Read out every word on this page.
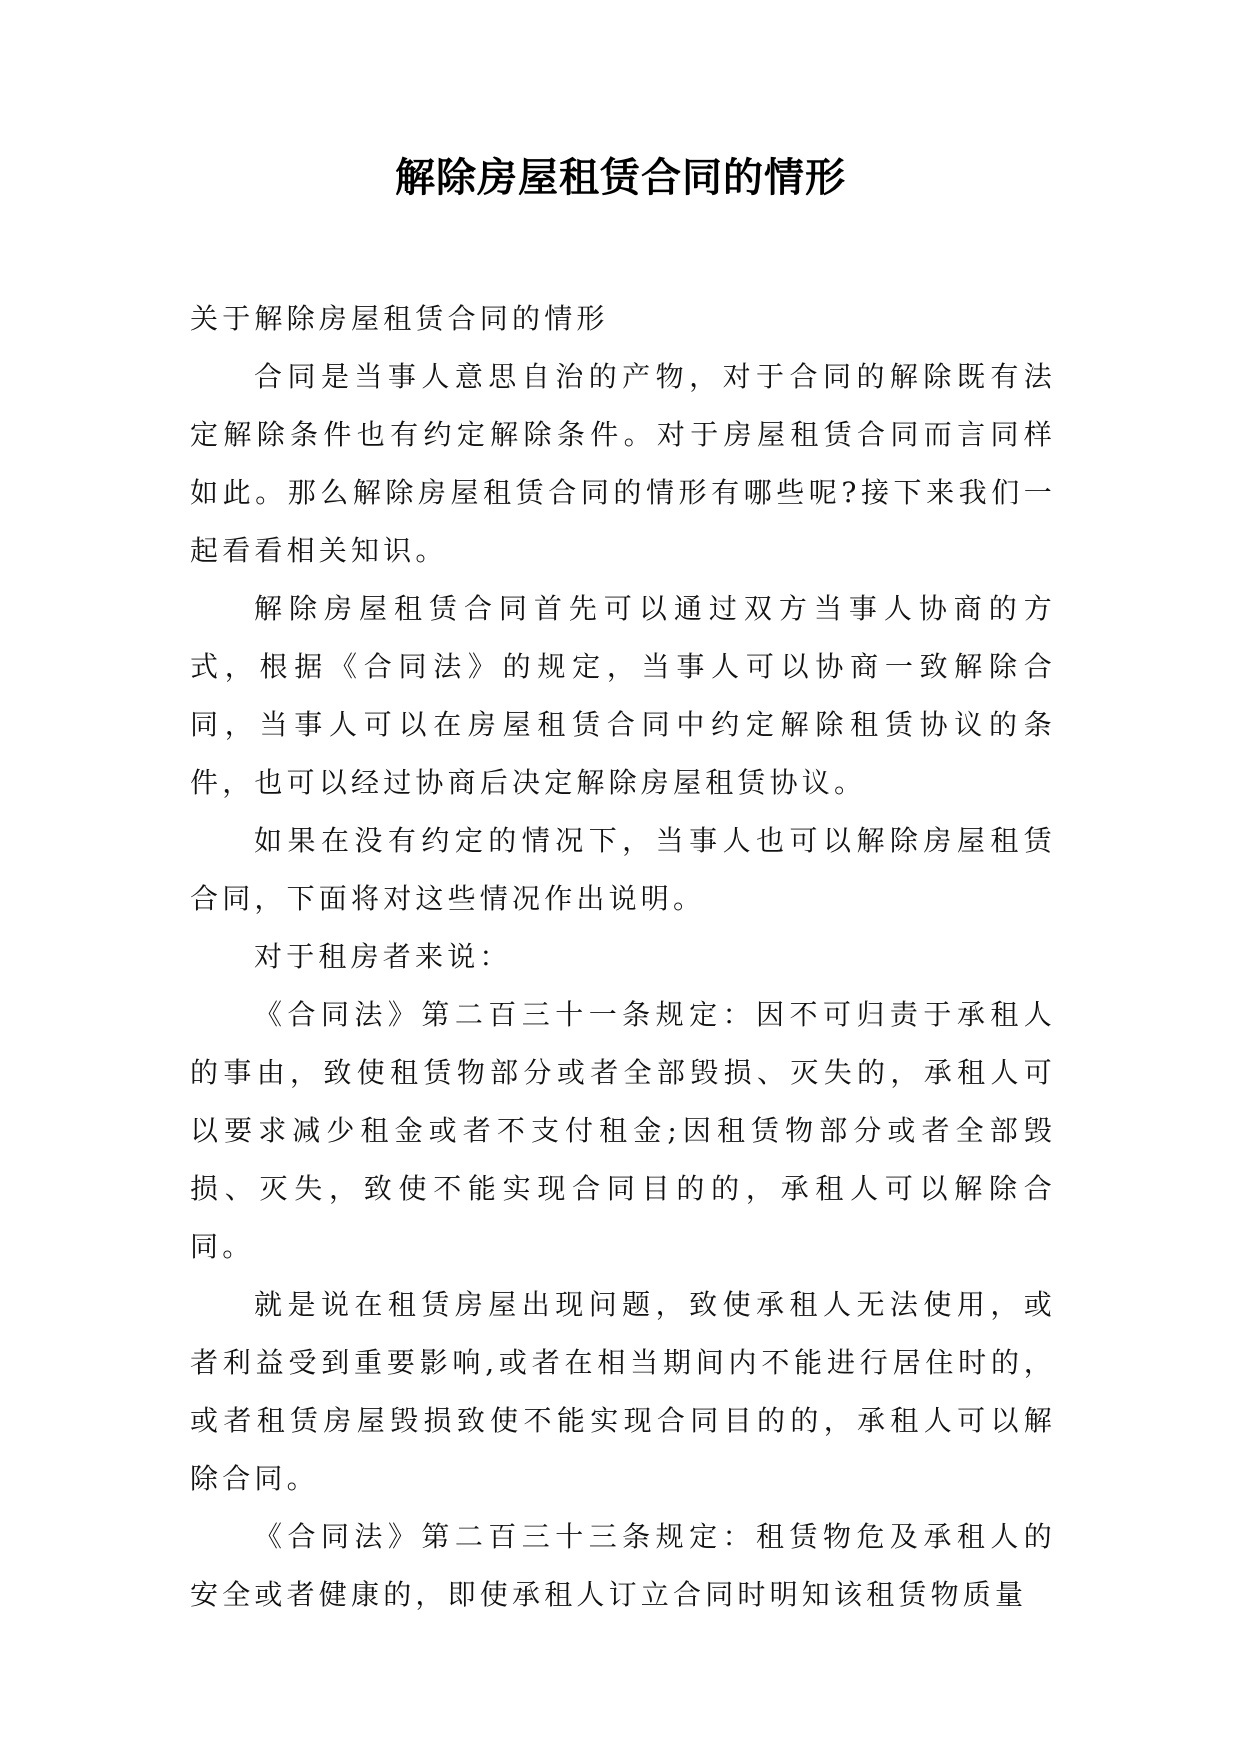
解除房屋租赁合同的情形

关于解除房屋租赁合同的情形

合同是当事人意思自治的产物，对于合同的解除既有法定解除条件也有约定解除条件。对于房屋租赁合同而言同样如此。那么解除房屋租赁合同的情形有哪些呢?接下来我们一起看看相关知识。

解除房屋租赁合同首先可以通过双方当事人协商的方式，根据《合同法》的规定，当事人可以协商一致解除合同，当事人可以在房屋租赁合同中约定解除租赁协议的条件，也可以经过协商后决定解除房屋租赁协议。

如果在没有约定的情况下，当事人也可以解除房屋租赁合同，下面将对这些情况作出说明。

对于租房者来说：

《合同法》第二百三十一条规定：因不可归责于承租人的事由，致使租赁物部分或者全部毁损、灭失的，承租人可以要求减少租金或者不支付租金;因租赁物部分或者全部毁损、灭失，致使不能实现合同目的的，承租人可以解除合同。

就是说在租赁房屋出现问题，致使承租人无法使用，或者利益受到重要影响,或者在相当期间内不能进行居住时的，或者租赁房屋毁损致使不能实现合同目的的，承租人可以解除合同。

《合同法》第二百三十三条规定：租赁物危及承租人的安全或者健康的，即使承租人订立合同时明知该租赁物质量
